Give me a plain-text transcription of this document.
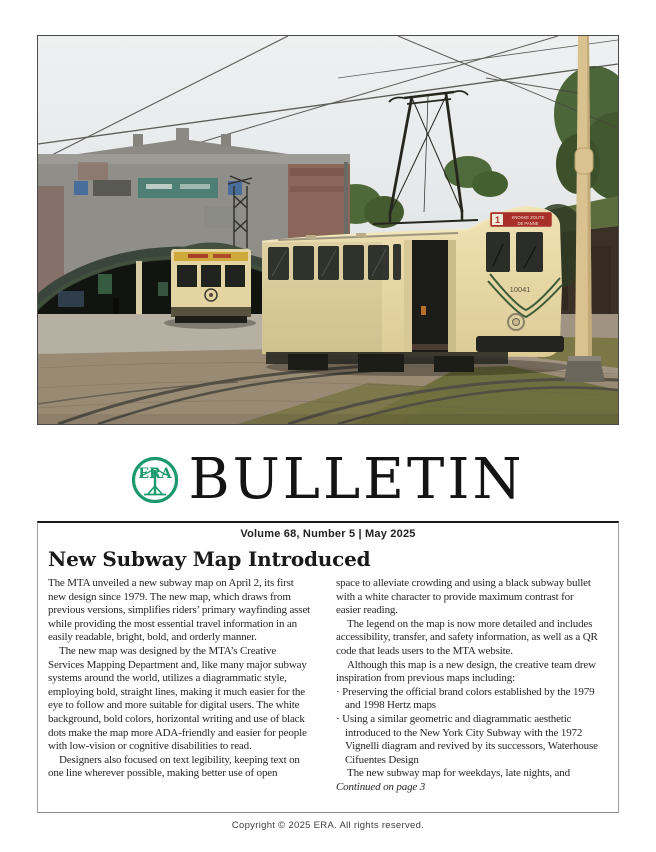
1	KNOKKE ZOUTE
DE PANNE
10041
ERA BULLETIN
Volume 68, Number 5 | May 2025
New Subway Map Introduced

The MTA unveiled a new subway map on April 2, its first new design since 1979. The new map, which draws from previous versions, simplifies riders’ primary wayfinding asset while providing the most essential travel information in an easily readable, bright, bold, and orderly manner.

The new map was designed by the MTA’s Creative Services Mapping Department and, like many major subway systems around the world, utilizes a diagrammatic style, employing bold, straight lines, making it much easier for the eye to follow and more suitable for digital users. The white background, bold colors, horizontal writing and use of black dots make the map more ADA-friendly and easier for people with low-vision or cognitive disabilities to read.

Designers also focused on text legibility, keeping text on one line wherever possible, making better use of open

space to alleviate crowding and using a black subway bullet with a white character to provide maximum contrast for easier reading.

The legend on the map is now more detailed and includes accessibility, transfer, and safety information, as well as a QR code that leads users to the MTA website.

Although this map is a new design, the creative team drew inspiration from previous maps including:

· Preserving the official brand colors established by the 1979 and 1998 Hertz maps

· Using a similar geometric and diagrammatic aesthetic introduced to the New York City Subway with the 1972 Vignelli diagram and revived by its successors, Waterhouse Cifuentes Design

The new subway map for weekdays, late nights, and

Continued on page 3

Copyright © 2025 ERA. All rights reserved.
